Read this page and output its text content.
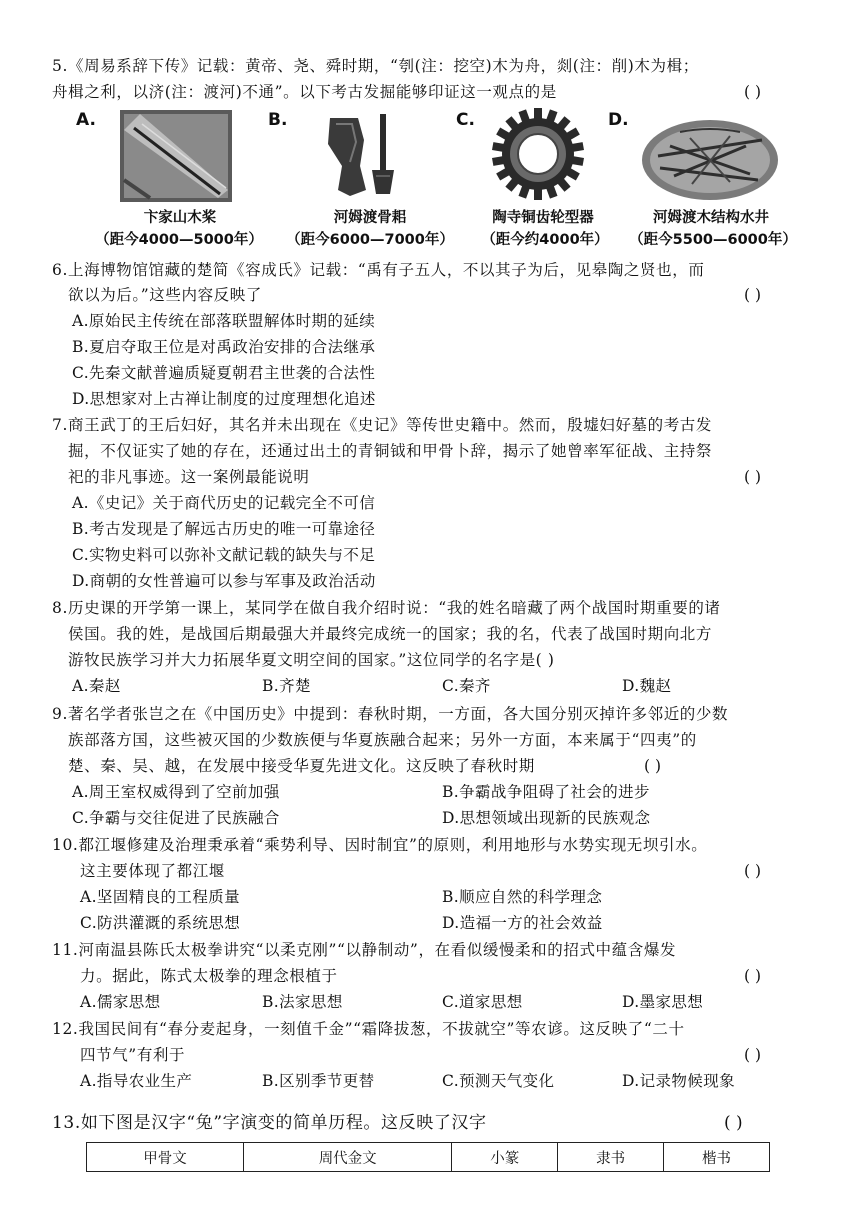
5.《周易系辞下传》记载：黄帝、尧、舜时期，“刳(注：挖空)木为舟，剡(注：削)木为楫；
舟楫之利，以济(注：渡河)不通”。以下考古发掘能够印证这一观点的是	( )
A.
卞家山木桨
（距今4000—5000年）
B.
河姆渡骨耜
（距今6000—7000年）
C.
陶寺铜齿轮型器
（距今约4000年）
D.
河姆渡木结构水井
（距今5500—6000年）
6.上海博物馆馆藏的楚简《容成氏》记载：“禹有子五人，不以其子为后，见皋陶之贤也，而
欲以为后。”这些内容反映了	( )
A.原始民主传统在部落联盟解体时期的延续
B.夏启夺取王位是对禹政治安排的合法继承
C.先秦文献普遍质疑夏朝君主世袭的合法性
D.思想家对上古禅让制度的过度理想化追述
7.商王武丁的王后妇好，其名并未出现在《史记》等传世史籍中。然而，殷墟妇好墓的考古发
掘，不仅证实了她的存在，还通过出土的青铜钺和甲骨卜辞，揭示了她曾率军征战、主持祭
祀的非凡事迹。这一案例最能说明	( )
A.《史记》关于商代历史的记载完全不可信
B.考古发现是了解远古历史的唯一可靠途径
C.实物史料可以弥补文献记载的缺失与不足
D.商朝的女性普遍可以参与军事及政治活动
8.历史课的开学第一课上，某同学在做自我介绍时说：“我的姓名暗藏了两个战国时期重要的诸
侯国。我的姓，是战国后期最强大并最终完成统一的国家；我的名，代表了战国时期向北方
游牧民族学习并大力拓展华夏文明空间的国家。”这位同学的名字是( )
A.秦赵	B.齐楚	C.秦齐	D.魏赵
9.著名学者张岂之在《中国历史》中提到：春秋时期，一方面，各大国分别灭掉许多邻近的少数
族部落方国，这些被灭国的少数族便与华夏族融合起来；另外一方面，本来属于“四夷”的
楚、秦、吴、越，在发展中接受华夏先进文化。这反映了春秋时期	( )
A.周王室权威得到了空前加强	B.争霸战争阻碍了社会的进步
C.争霸与交往促进了民族融合	D.思想领域出现新的民族观念
10.都江堰修建及治理秉承着“乘势利导、因时制宜”的原则，利用地形与水势实现无坝引水。
这主要体现了都江堰	( )
A.坚固精良的工程质量	B.顺应自然的科学理念
C.防洪灌溉的系统思想	D.造福一方的社会效益
11.河南温县陈氏太极拳讲究“以柔克刚”“以静制动”，在看似缓慢柔和的招式中蕴含爆发
力。据此，陈式太极拳的理念根植于	( )
A.儒家思想	B.法家思想	C.道家思想	D.墨家思想
12.我国民间有“春分麦起身，一刻值千金”“霜降拔葱，不拔就空”等农谚。这反映了“二十
四节气”有利于	( )
A.指导农业生产	B.区别季节更替	C.预测天气变化	D.记录物候现象
13.如下图是汉字“兔”字演变的简单历程。这反映了汉字	( )
甲骨文	周代金文	小篆	隶书	楷书
